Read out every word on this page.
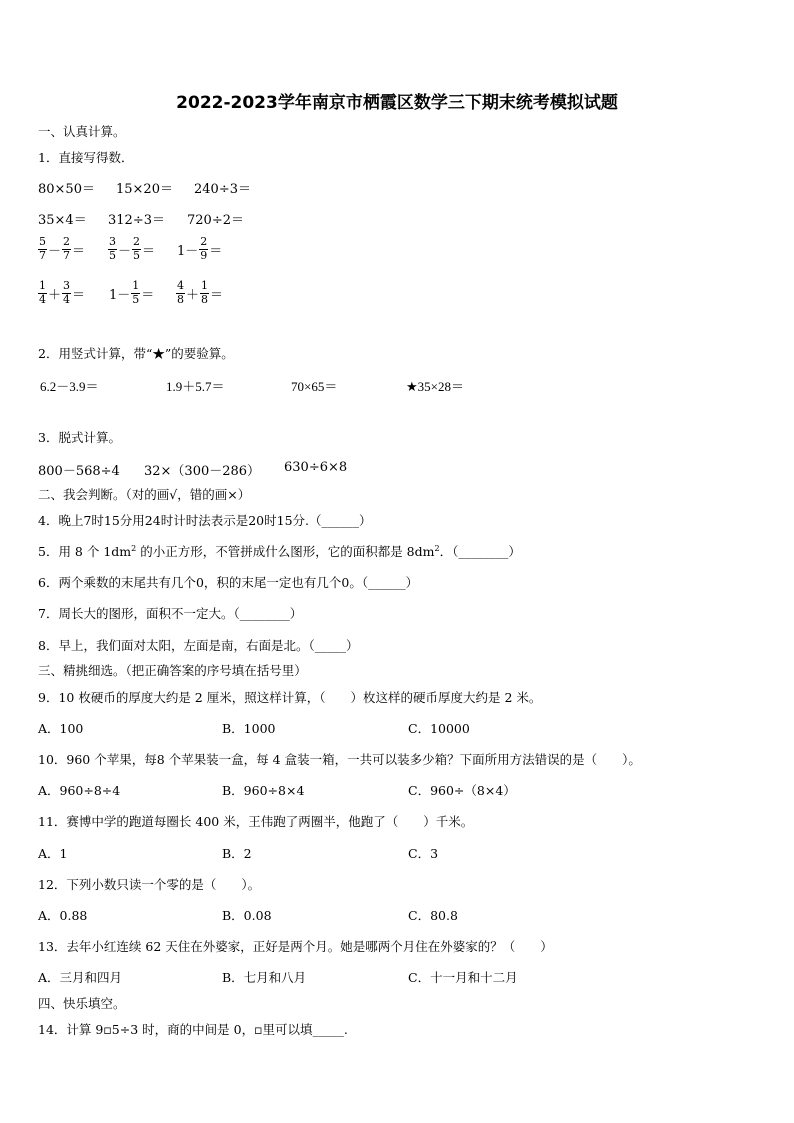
2022-2023学年南京市栖霞区数学三下期末统考模拟试题
一、认真计算。
1．直接写得数．
80×50＝ 15×20＝ 240÷3＝
35×4＝ 312÷3＝ 720÷2＝
$\frac{5}{7} - \frac{2}{7} = \frac{3}{5} - \frac{2}{5} = 1- \frac{2}{9}$ ＝
$\frac{1}{4} + \frac{3}{4} = 1- \frac{1}{5} = \frac{4}{8} + \frac{1}{8}$ ＝
2．用竖式计算，带“★”的要验算。
6.2－3.9＝	1.9＋5.7＝	70×65＝	★35×28＝
3．脱式计算。
800－568÷4 32×（300－286） 630÷6×8
二、我会判断。（对的画√，错的画×）
4．晚上7时15分用24时计时法表示是20时15分.（______）
5．用 8 个 $1dm^2$ 的小正方形，不管拼成什么图形，它的面积都是 $8dm^2$．（________）
6．两个乘数的末尾共有几个0，积的末尾一定也有几个0。（______）
7．周长大的图形，面积不一定大。（________）
8．早上，我们面对太阳，左面是南，右面是北。（_____）
三、精挑细选。（把正确答案的序号填在括号里）
9．10 枚硬币的厚度大约是 2 厘米，照这样计算，（　　）枚这样的硬币厚度大约是 2 米。
A．100	B．1000	C．10000
10．960 个苹果，每8 个苹果装一盒，每 4 盒装一箱，一共可以装多少箱？下面所用方法错误的是（　　）。
A．960÷8÷4	B．960÷8×4	C．960÷（8×4）
11．赛博中学的跑道每圈长 400 米，王伟跑了两圈半，他跑了（　　）千米。
A．1	B．2	C．3
12．下列小数只读一个零的是（　　）。
A．0.88	B．0.08	C．80.8
13．去年小红连续 62 天住在外婆家，正好是两个月。她是哪两个月住在外婆家的？（　　）
A．三月和四月	B．七月和八月	C．十一月和十二月
四、快乐填空。
14．计算 9▫5÷3 时，商的中间是 0，▫里可以填_____.
